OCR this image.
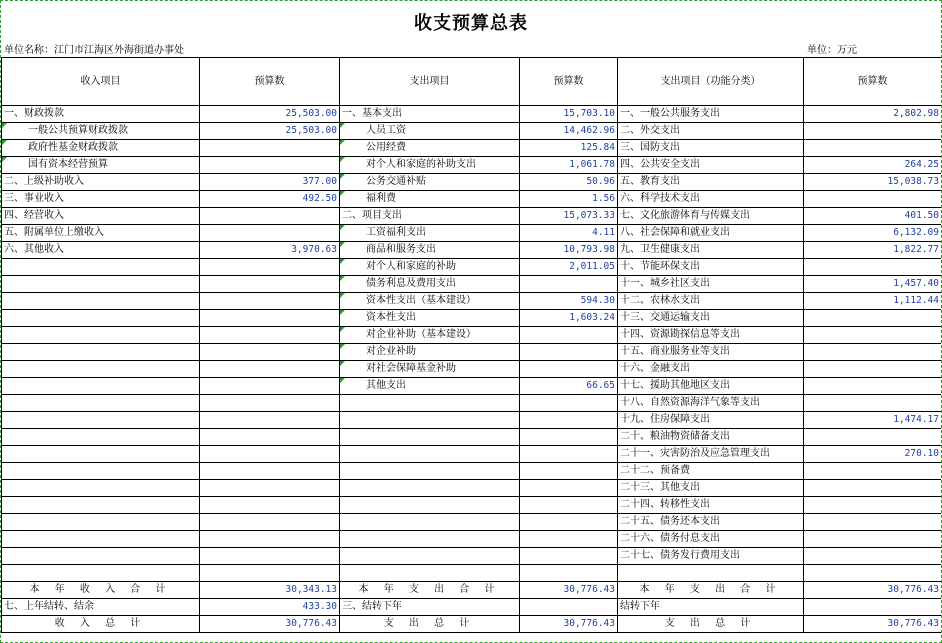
收支预算总表
单位名称：江门市江海区外海街道办事处	单位：万元
收入项目	预算数	支出项目	预算数	支出项目（功能分类）	预算数
一、财政拨款	25,503.00	一、基本支出	15,703.10	一、一般公共服务支出	2,802.98
一般公共预算财政拨款	25,503.00	人员工资	14,462.96	二、外交支出	
政府性基金财政拨款		公用经费	125.84	三、国防支出	
国有资本经营预算		对个人和家庭的补助支出	1,061.78	四、公共安全支出	264.25
二、上级补助收入	377.00	公务交通补贴	50.96	五、教育支出	15,038.73
三、事业收入	492.50	福利费	1.56	六、科学技术支出	
四、经营收入		二、项目支出	15,073.33	七、文化旅游体育与传媒支出	401.50
五、附属单位上缴收入		工资福利支出	4.11	八、社会保障和就业支出	6,132.09
六、其他收入	3,970.63	商品和服务支出	10,793.98	九、卫生健康支出	1,822.77
		对个人和家庭的补助	2,011.05	十、节能环保支出	
		债务利息及费用支出		十一、城乡社区支出	1,457.40
		资本性支出（基本建设）	594.30	十二、农林水支出	1,112.44
		资本性支出	1,603.24	十三、交通运输支出	
		对企业补助（基本建设）		十四、资源勘探信息等支出	
		对企业补助		十五、商业服务业等支出	
		对社会保障基金补助		十六、金融支出	
		其他支出	66.65	十七、援助其他地区支出	
				十八、自然资源海洋气象等支出	
				十九、住房保障支出	1,474.17
				二十、粮油物资储备支出	
				二十一、灾害防治及应急管理支出	270.10
				二十二、预备费	
				二十三、其他支出	
				二十四、转移性支出	
				二十五、债务还本支出	
				二十六、债务付息支出	
				二十七、债务发行费用支出	

本 年 收 入 合 计	30,343.13	本 年 支 出 合 计	30,776.43	本 年 支 出 合 计	30,776.43
七、上年结转、结余	433.30	三、结转下年		结转下年	
收 入 总 计	30,776.43	支 出 总 计	30,776.43	支 出 总 计	30,776.43
